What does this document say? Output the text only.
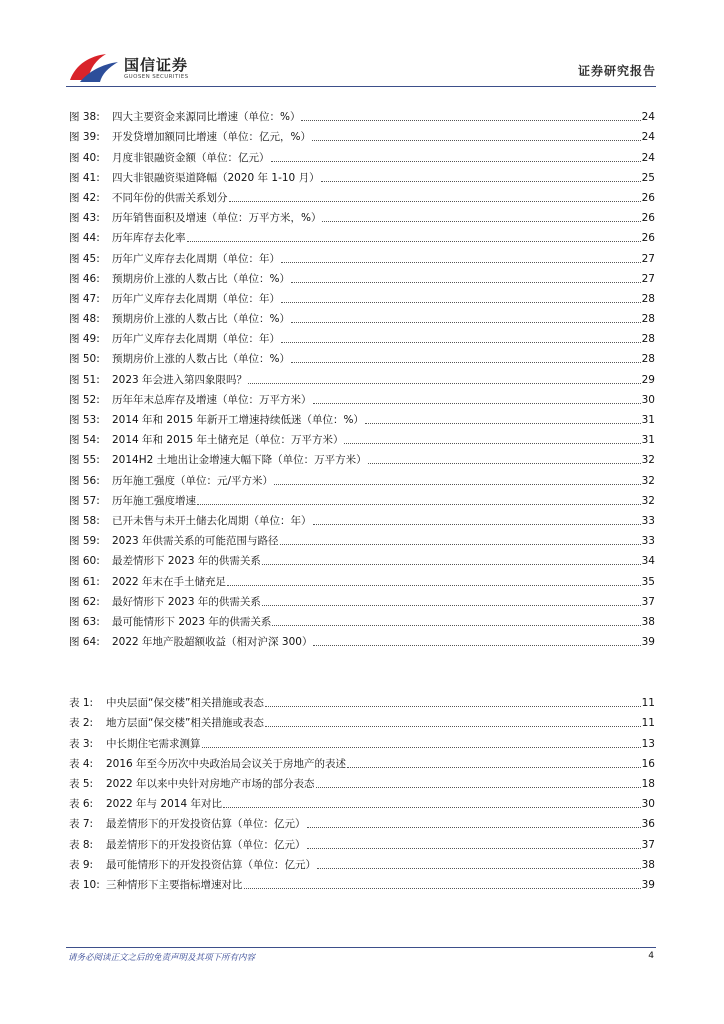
国信证券
GUOSEN SECURITIES	证券研究报告
图 38:	四大主要资金来源同比增速（单位：%）	24
图 39:	开发贷增加额同比增速（单位：亿元，%）	24
图 40:	月度非银融资金额（单位：亿元）	24
图 41:	四大非银融资渠道降幅（2020 年 1-10 月）	25
图 42:	不同年份的供需关系划分	26
图 43:	历年销售面积及增速（单位：万平方米，%）	26
图 44:	历年库存去化率	26
图 45:	历年广义库存去化周期（单位：年）	27
图 46:	预期房价上涨的人数占比（单位：%）	27
图 47:	历年广义库存去化周期（单位：年）	28
图 48:	预期房价上涨的人数占比（单位：%）	28
图 49:	历年广义库存去化周期（单位：年）	28
图 50:	预期房价上涨的人数占比（单位：%）	28
图 51:	2023 年会进入第四象限吗？	29
图 52:	历年年末总库存及增速（单位：万平方米）	30
图 53:	2014 年和 2015 年新开工增速持续低迷（单位：%）	31
图 54:	2014 年和 2015 年土储充足（单位：万平方米）	31
图 55:	2014H2 土地出让金增速大幅下降（单位：万平方米）	32
图 56:	历年施工强度（单位：元/平方米）	32
图 57:	历年施工强度增速	32
图 58:	已开未售与未开土储去化周期（单位：年）	33
图 59:	2023 年供需关系的可能范围与路径	33
图 60:	最差情形下 2023 年的供需关系	34
图 61:	2022 年末在手土储充足	35
图 62:	最好情形下 2023 年的供需关系	37
图 63:	最可能情形下 2023 年的供需关系	38
图 64:	2022 年地产股超额收益（相对沪深 300）	39
表 1:	中央层面“保交楼”相关措施或表态	11
表 2:	地方层面“保交楼”相关措施或表态	11
表 3:	中长期住宅需求测算	13
表 4:	2016 年至今历次中央政治局会议关于房地产的表述	16
表 5:	2022 年以来中央针对房地产市场的部分表态	18
表 6:	2022 年与 2014 年对比	30
表 7:	最差情形下的开发投资估算（单位：亿元）	36
表 8:	最差情形下的开发投资估算（单位：亿元）	37
表 9:	最可能情形下的开发投资估算（单位：亿元）	38
表 10: 三种情形下主要指标增速对比	39
请务必阅读正文之后的免责声明及其项下所有内容	4
